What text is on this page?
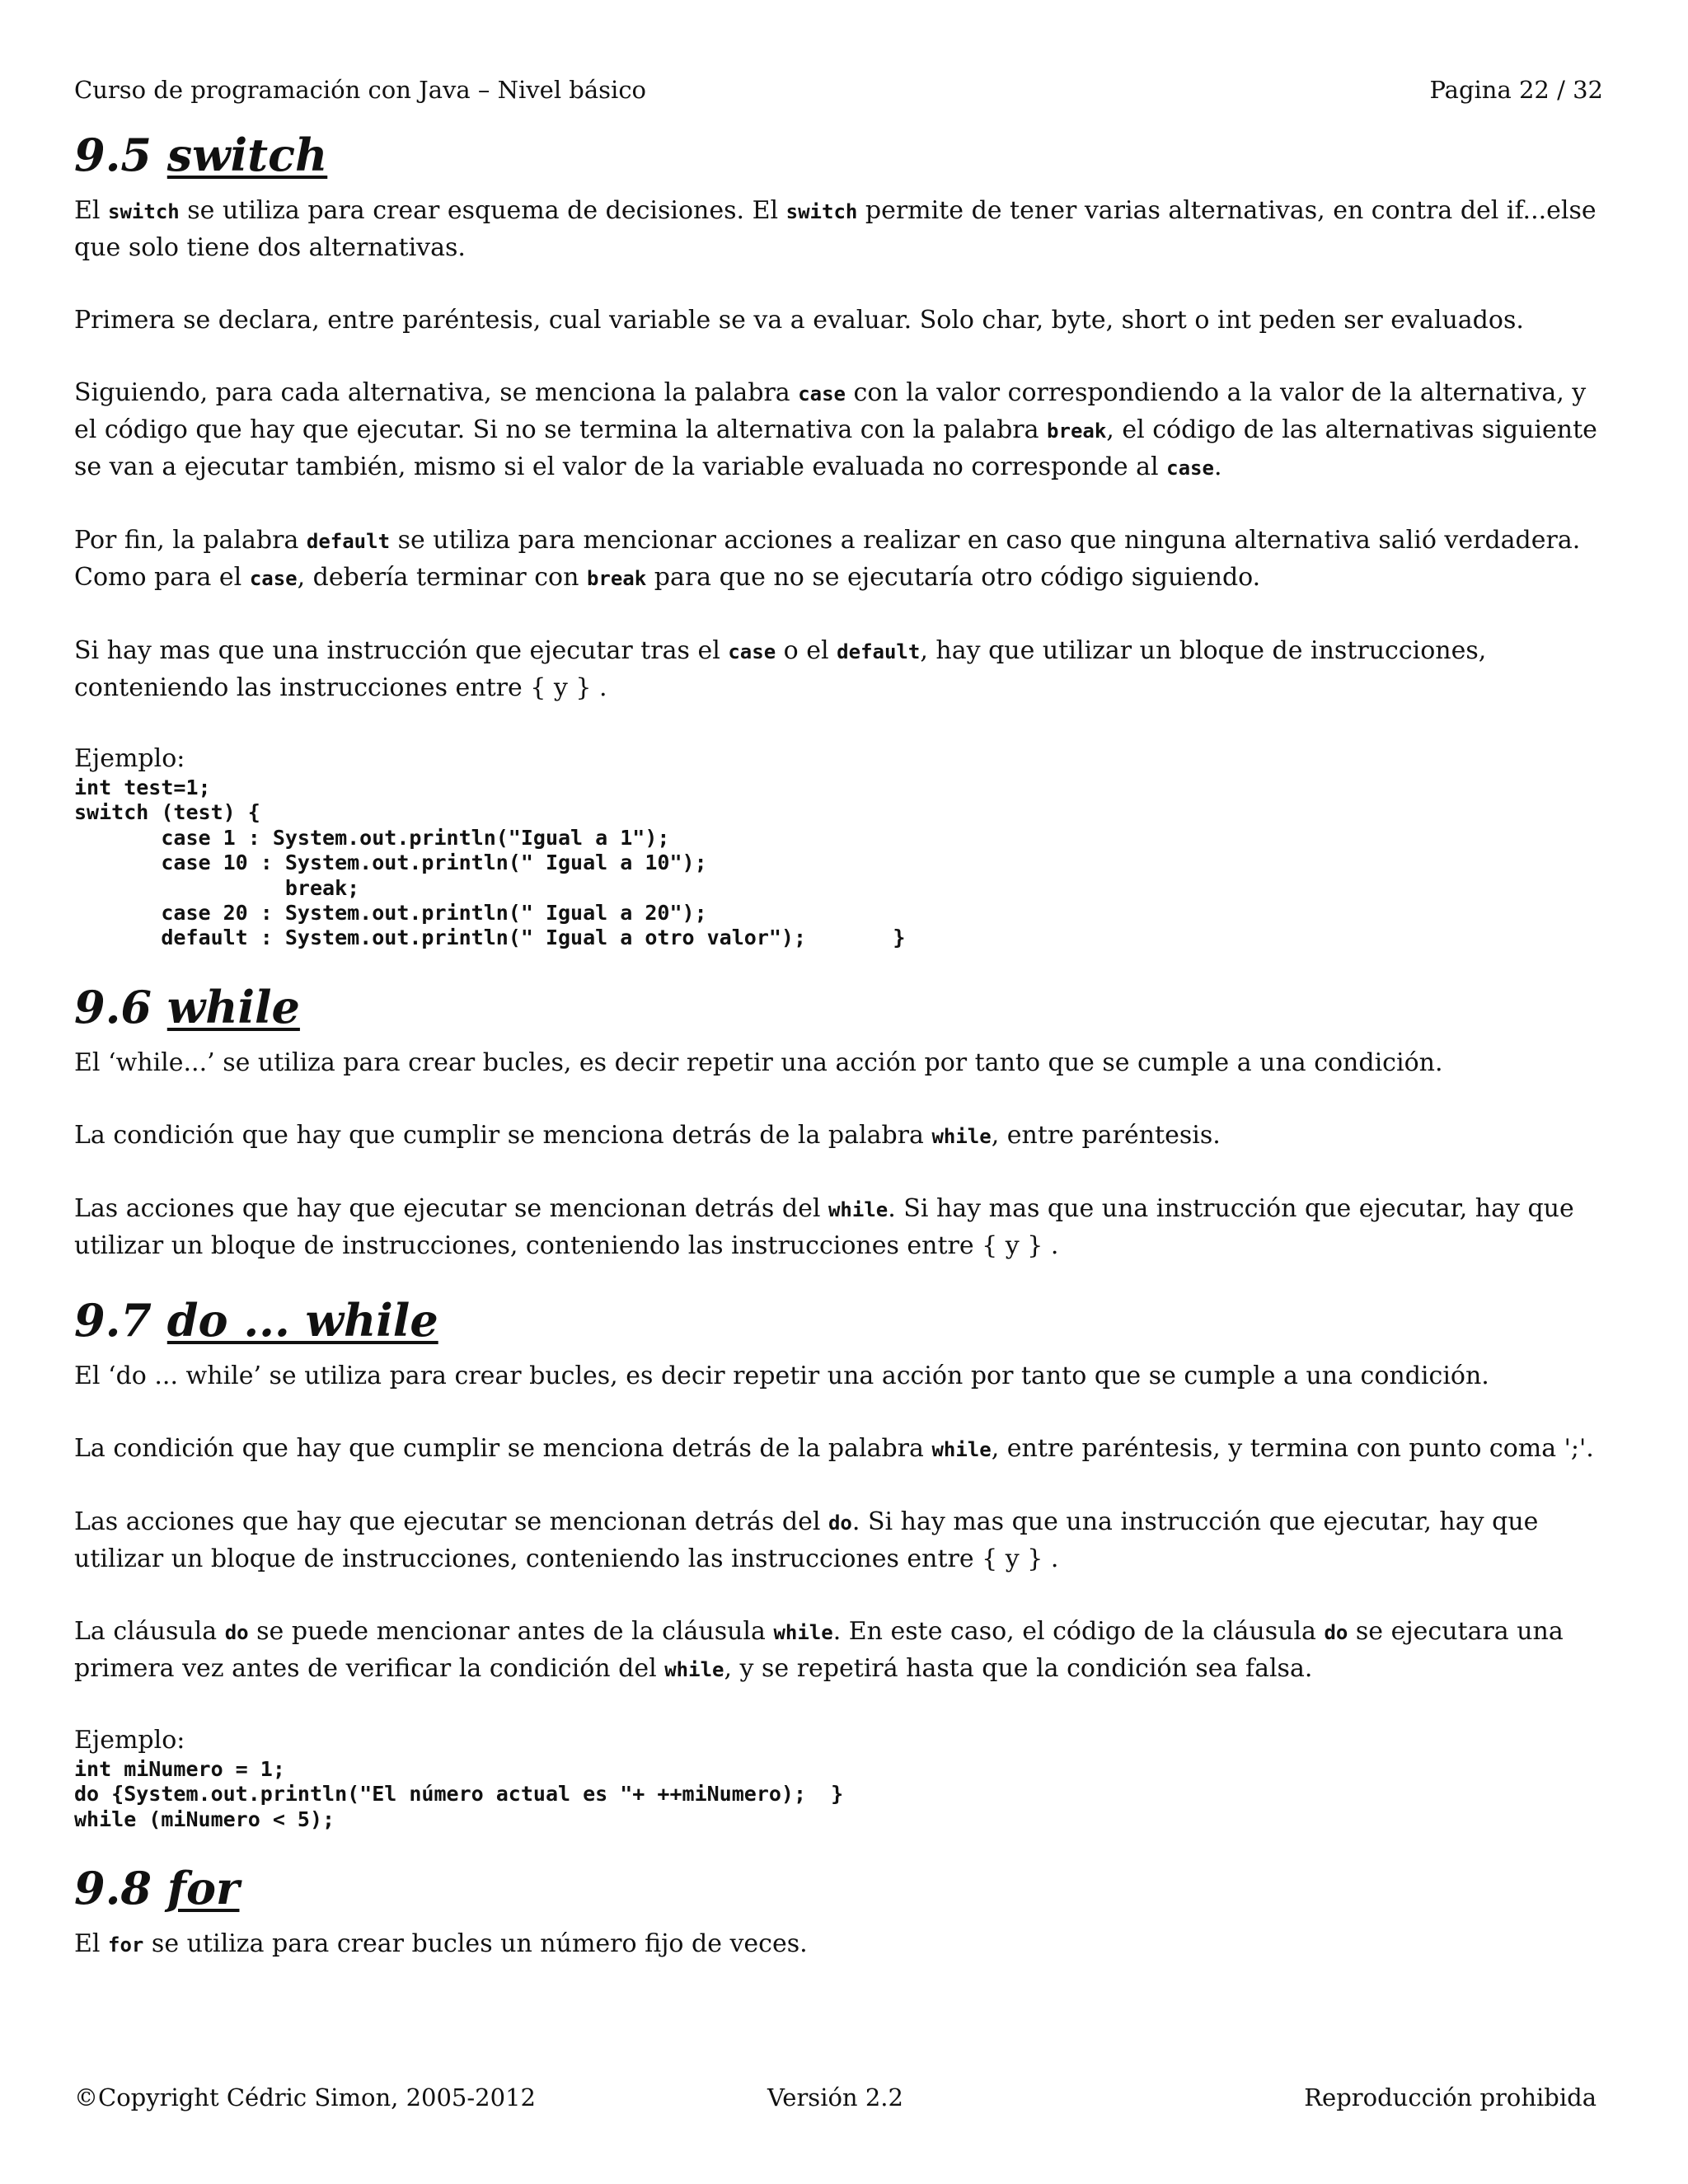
Curso de programación con Java – Nivel básico	Pagina 22 / 32
9.5 switch

El switch se utiliza para crear esquema de decisiones. El switch permite de tener varias alternativas, en contra del if...else que solo tiene dos alternativas.

Primera se declara, entre paréntesis, cual variable se va a evaluar. Solo char, byte, short o int peden ser evaluados.

Siguiendo, para cada alternativa, se menciona la palabra case con la valor correspondiendo a la valor de la alternativa, y el código que hay que ejecutar. Si no se termina la alternativa con la palabra break, el código de las alternativas siguiente se van a ejecutar también, mismo si el valor de la variable evaluada no corresponde al case.

Por fin, la palabra default se utiliza para mencionar acciones a realizar en caso que ninguna alternativa salió verdadera. Como para el case, debería terminar con break para que no se ejecutaría otro código siguiendo.

Si hay mas que una instrucción que ejecutar tras el case o el default, hay que utilizar un bloque de instrucciones, conteniendo las instrucciones entre { y } .

Ejemplo:

int test=1;
switch (test) {
case 1 : System.out.println("Igual a 1");
case 10 : System.out.println(" Igual a 10");
break;
case 20 : System.out.println(" Igual a 20");
default : System.out.println(" Igual a otro valor");       }
9.6 while

El ‘while...’ se utiliza para crear bucles, es decir repetir una acción por tanto que se cumple a una condición.

La condición que hay que cumplir se menciona detrás de la palabra while, entre paréntesis.

Las acciones que hay que ejecutar se mencionan detrás del while. Si hay mas que una instrucción que ejecutar, hay que utilizar un bloque de instrucciones, conteniendo las instrucciones entre { y } .

9.7 do ... while

El ‘do ... while’ se utiliza para crear bucles, es decir repetir una acción por tanto que se cumple a una condición.

La condición que hay que cumplir se menciona detrás de la palabra while, entre paréntesis, y termina con punto coma ';'.

Las acciones que hay que ejecutar se mencionan detrás del do. Si hay mas que una instrucción que ejecutar, hay que utilizar un bloque de instrucciones, conteniendo las instrucciones entre { y } .

La cláusula do se puede mencionar antes de la cláusula while. En este caso, el código de la cláusula do se ejecutara una primera vez antes de verificar la condición del while, y se repetirá hasta que la condición sea falsa.

Ejemplo:

int miNumero = 1;
do {System.out.println("El número actual es "+ ++miNumero);  }
while (miNumero < 5);
9.8 for

El for se utiliza para crear bucles un número fijo de veces.

©Copyright Cédric Simon, 2005-2012	Versión 2.2	Reproducción prohibida
